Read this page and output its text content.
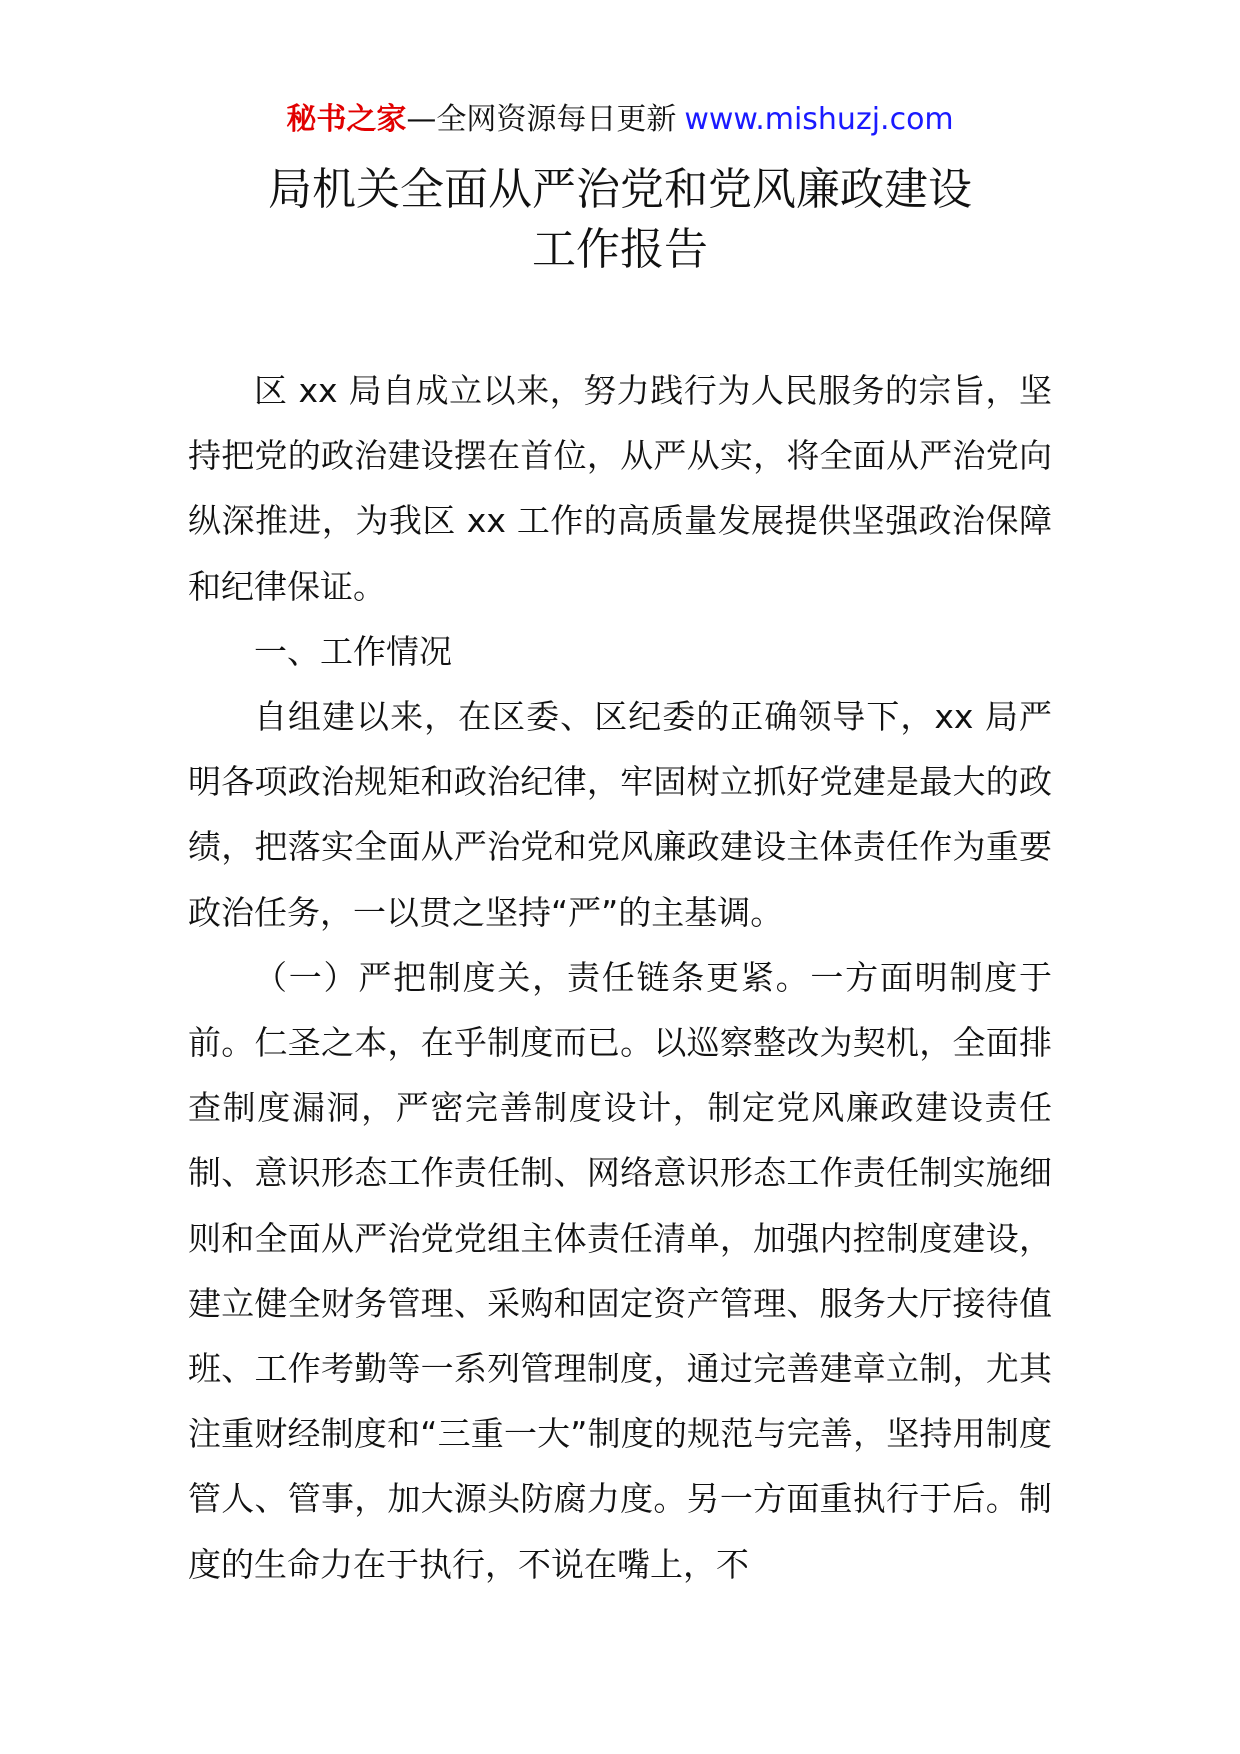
秘书之家—全网资源每日更新 www.mishuzj.com
局机关全面从严治党和党风廉政建设
工作报告

区 xx 局自成立以来，努力践行为人民服务的宗旨，坚持把党的政治建设摆在首位，从严从实，将全面从严治党向纵深推进，为我区 xx 工作的高质量发展提供坚强政治保障和纪律保证。

一、工作情况

自组建以来，在区委、区纪委的正确领导下，xx 局严明各项政治规矩和政治纪律，牢固树立抓好党建是最大的政绩，把落实全面从严治党和党风廉政建设主体责任作为重要政治任务，一以贯之坚持“严”的主基调。

（一）严把制度关，责任链条更紧。一方面明制度于前。仁圣之本，在乎制度而已。以巡察整改为契机，全面排查制度漏洞，严密完善制度设计，制定党风廉政建设责任制、意识形态工作责任制、网络意识形态工作责任制实施细则和全面从严治党党组主体责任清单，加强内控制度建设，建立健全财务管理、采购和固定资产管理、服务大厅接待值班、工作考勤等一系列管理制度，通过完善建章立制，尤其注重财经制度和“三重一大”制度的规范与完善，坚持用制度管人、管事，加大源头防腐力度。另一方面重执行于后。制度的生命力在于执行，不说在嘴上，不
